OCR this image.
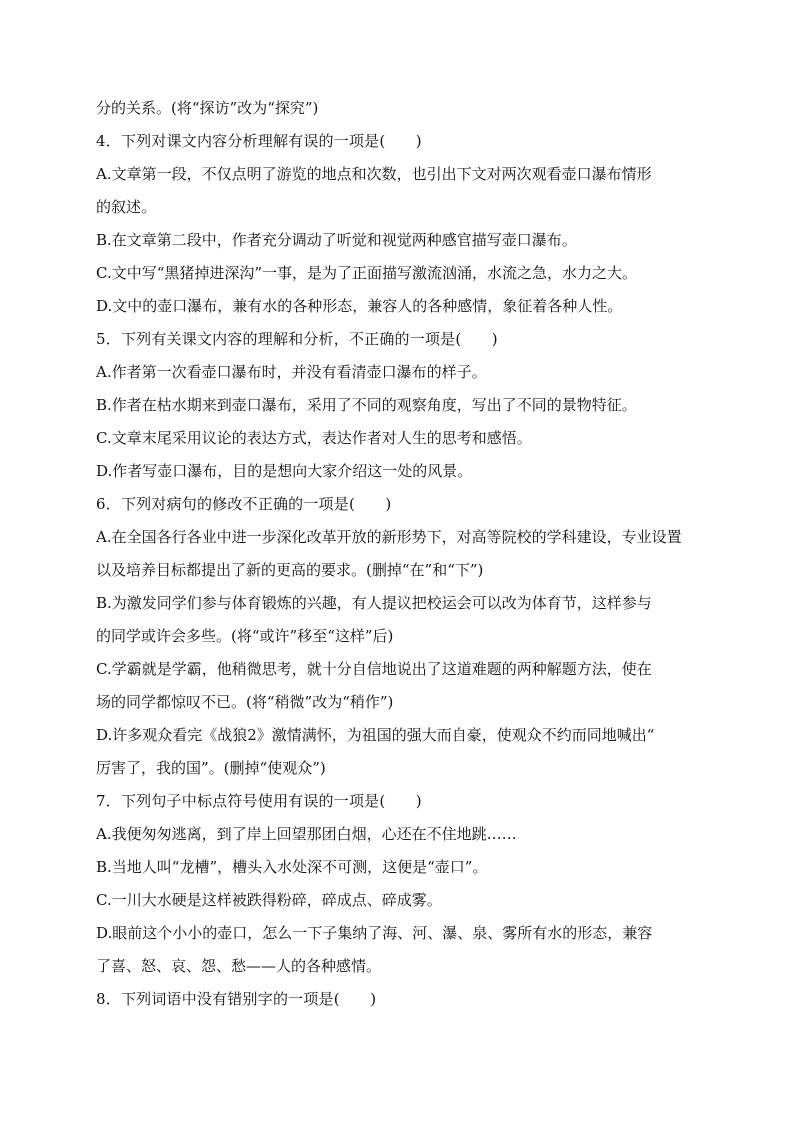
分的关系。(将“探访”改为“探究”)
4．下列对课文内容分析理解有误的一项是(　　)
A.文章第一段，不仅点明了游览的地点和次数，也引出下文对两次观看壶口瀑布情形
的叙述。
B.在文章第二段中，作者充分调动了听觉和视觉两种感官描写壶口瀑布。
C.文中写“黑猪掉进深沟”一事，是为了正面描写激流汹涌，水流之急，水力之大。
D.文中的壶口瀑布，兼有水的各种形态，兼容人的各种感情，象征着各种人性。
5．下列有关课文内容的理解和分析，不正确的一项是(　　)
A.作者第一次看壶口瀑布时，并没有看清壶口瀑布的样子。
B.作者在枯水期来到壶口瀑布，采用了不同的观察角度，写出了不同的景物特征。
C.文章末尾采用议论的表达方式，表达作者对人生的思考和感悟。
D.作者写壶口瀑布，目的是想向大家介绍这一处的风景。
6．下列对病句的修改不正确的一项是(　　)
A.在全国各行各业中进一步深化改革开放的新形势下，对高等院校的学科建设，专业设置
以及培养目标都提出了新的更高的要求。(删掉“在”和“下”)
B.为激发同学们参与体育锻炼的兴趣，有人提议把校运会可以改为体育节，这样参与
的同学或许会多些。(将“或许”移至“这样”后)
C.学霸就是学霸，他稍微思考，就十分自信地说出了这道难题的两种解题方法，使在
场的同学都惊叹不已。(将“稍微”改为“稍作”)
D.许多观众看完《战狼2》激情满怀，为祖国的强大而自豪，使观众不约而同地喊出“
厉害了，我的国”。(删掉“使观众”)
7．下列句子中标点符号使用有误的一项是(　　)
A.我便匆匆逃离，到了岸上回望那团白烟，心还在不住地跳……
B.当地人叫“龙槽”，槽头入水处深不可测，这便是“壶口”。
C.一川大水硬是这样被跌得粉碎，碎成点、碎成雾。
D.眼前这个小小的壶口，怎么一下子集纳了海、河、瀑、泉、雾所有水的形态，兼容
了喜、怒、哀、怨、愁——人的各种感情。
8．下列词语中没有错别字的一项是(　　)
